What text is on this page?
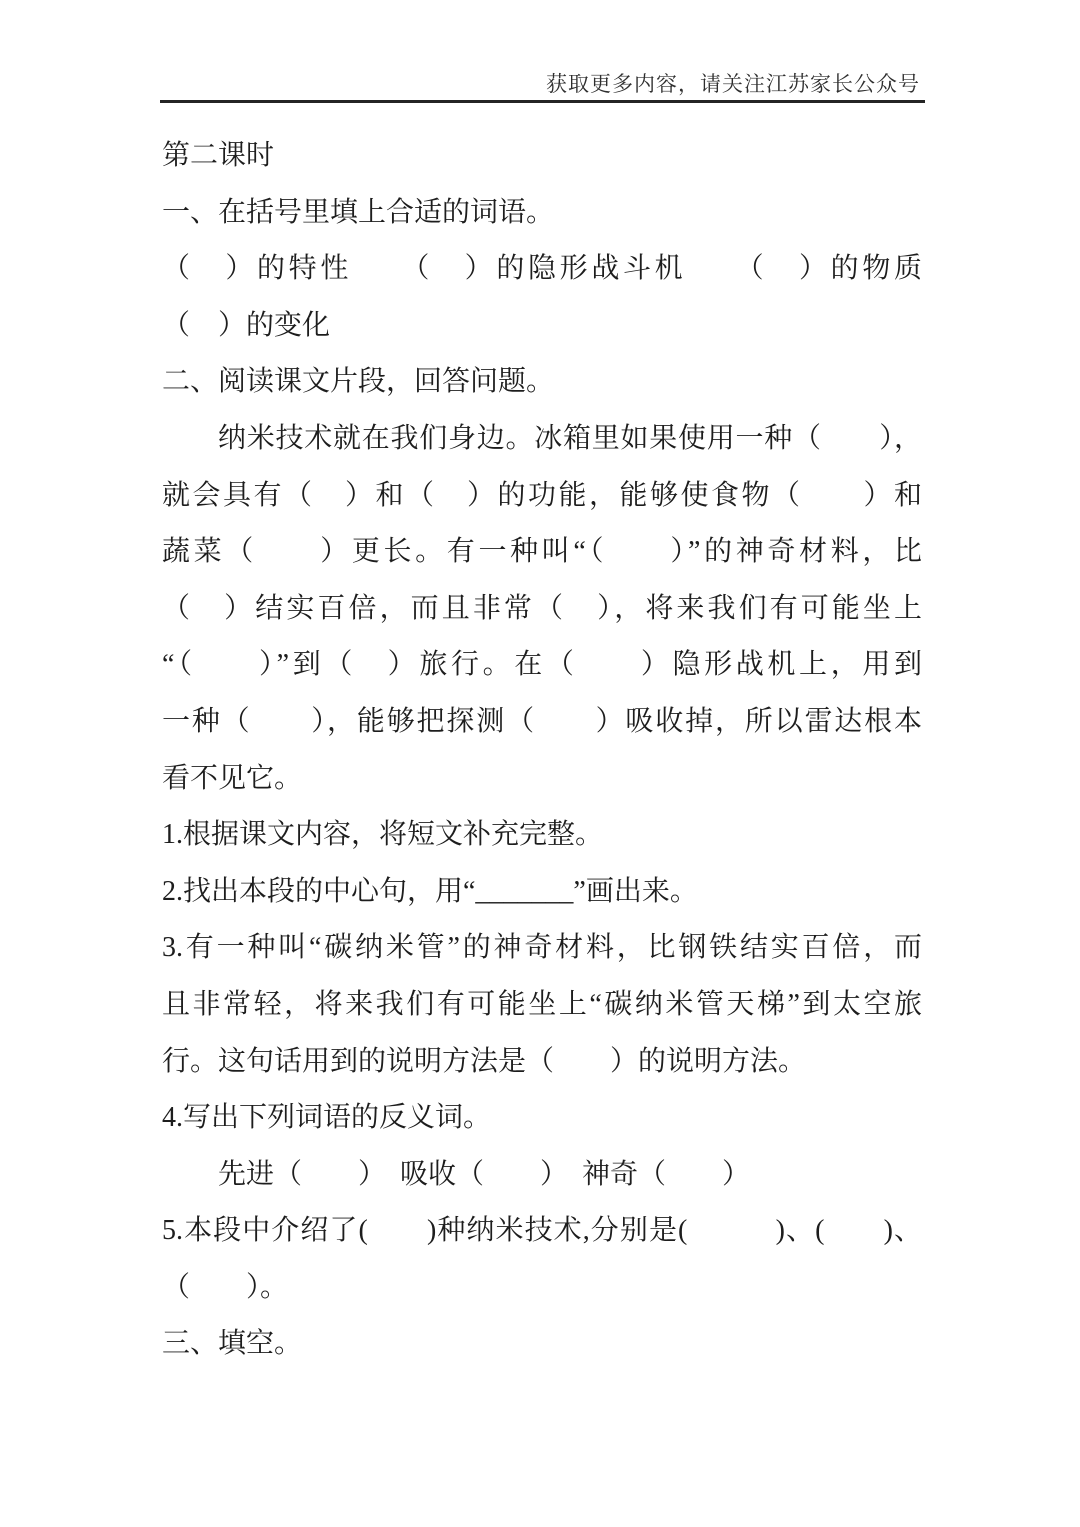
获取更多内容，请关注江苏家长公众号
第二课时
一、在括号里填上合适的词语。
（　）的特性　　（　）的隐形战斗机　　（　）的物质
（　）的变化
二、阅读课文片段，回答问题。
纳米技术就在我们身边。冰箱里如果使用一种（　　），
就会具有（　）和（　）的功能，能够使食物（　　）和
蔬菜（　　）更长。有一种叫“（　　）”的神奇材料，比
（　）结实百倍，而且非常（　），将来我们有可能坐上
“（　　）”到（　）旅行。在（　　）隐形战机上，用到
一种（　　），能够把探测（　　）吸收掉，所以雷达根本
看不见它。
1.根据课文内容，将短文补充完整。
2.找出本段的中心句，用“_______”画出来。
3.有一种叫“碳纳米管”的神奇材料，比钢铁结实百倍，而
且非常轻，将来我们有可能坐上“碳纳米管天梯”到太空旅
行。这句话用到的说明方法是（　　）的说明方法。
4.写出下列词语的反义词。
先进（　　）　吸收（　　）　神奇（　　）
5.本段中介绍了(　　)种纳米技术,分别是(　　　)、(　　)、
（　　）。
三、填空。
